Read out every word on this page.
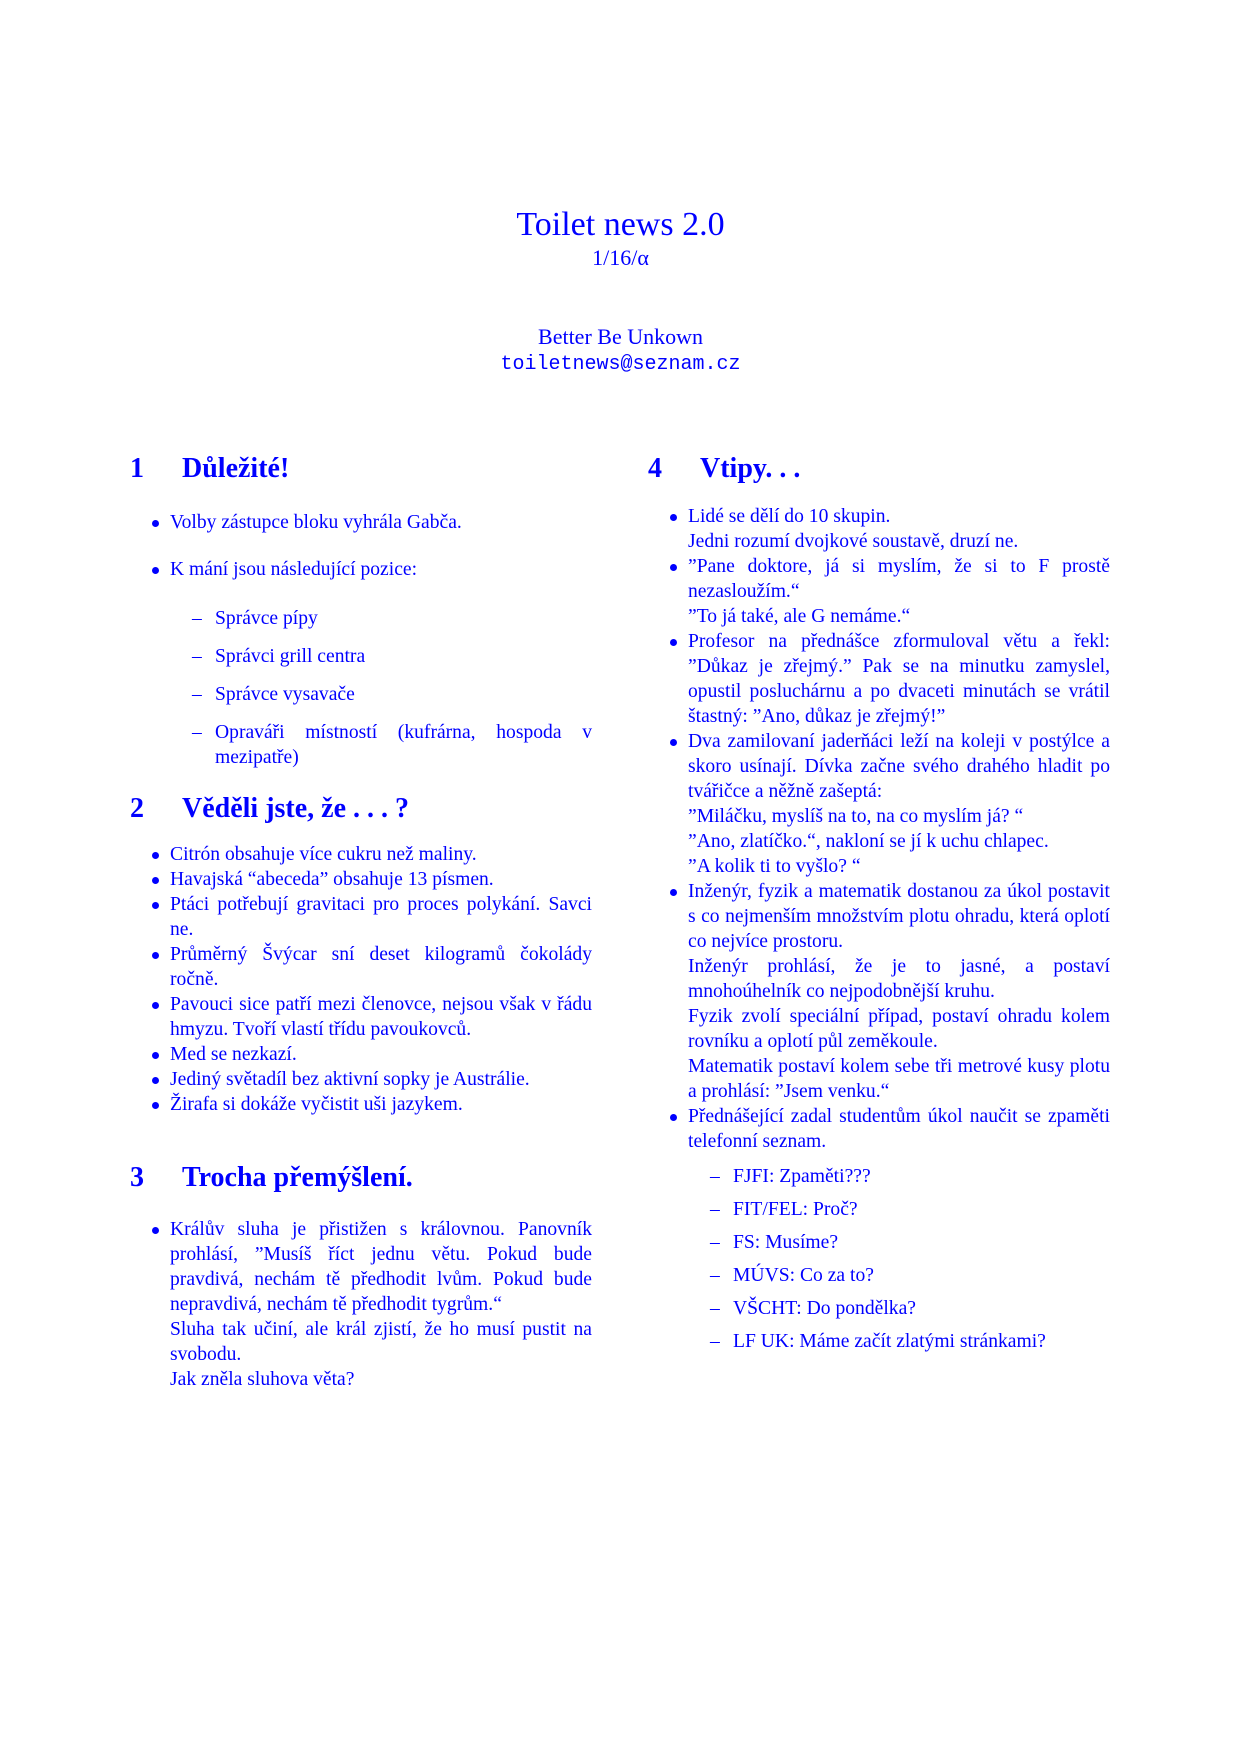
Toilet news 2.0
1/16/α
Better Be Unkown
toiletnews@seznam.cz
1	Důležité!
Volby zástupce bloku vyhrála Gabča.
K mání jsou následující pozice:
– Správce pípy
– Správci grill centra
– Správce vysavače
– Opraváři místností (kufrárna, hospoda v mezipatře)
2	Věděli jste, že . . . ?
Citrón obsahuje více cukru než maliny.
Havajská “abeceda” obsahuje 13 písmen.
Ptáci potřebují gravitaci pro proces polykání. Savci ne.
Průměrný Švýcar sní deset kilogramů čokolády ročně.
Pavouci sice patří mezi členovce, nejsou však v řádu hmyzu. Tvoří vlastí třídu pavoukovců.
Med se nezkazí.
Jediný světadíl bez aktivní sopky je Austrálie.
Žirafa si dokáže vyčistit uši jazykem.
3	Trocha přemýšlení.
Králův sluha je přistižen s královnou. Panovník prohlásí, ”Musíš říct jednu větu. Pokud bude pravdivá, nechám tě předhodit lvům. Pokud bude nepravdivá, nechám tě předhodit tygrům.“
Sluha tak učiní, ale král zjistí, že ho musí pustit na svobodu.
Jak zněla sluhova věta?
4	Vtipy. . .
Lidé se dělí do 10 skupin.
Jedni rozumí dvojkové soustavě, druzí ne.
”Pane doktore, já si myslím, že si to F prostě nezasloužím.“
”To já také, ale G nemáme.“
Profesor na přednášce zformuloval větu a řekl: ”Důkaz je zřejmý.” Pak se na minutku zamyslel, opustil posluchárnu a po dvaceti minutách se vrátil štastný: ”Ano, důkaz je zřejmý!”
Dva zamilovaní jaderňáci leží na koleji v postýlce a skoro usínají. Dívka začne svého drahého hladit po tvářičce a něžně zašeptá:
”Miláčku, myslíš na to, na co myslím já? “
”Ano, zlatíčko.“, nakloní se jí k uchu chlapec.
”A kolik ti to vyšlo? “
Inženýr, fyzik a matematik dostanou za úkol postavit s co nejmenším množstvím plotu ohradu, která oplotí co nejvíce prostoru.
Inženýr prohlásí, že je to jasné, a postaví mnohoúhelník co nejpodobnější kruhu.
Fyzik zvolí speciální případ, postaví ohradu kolem rovníku a oplotí půl zeměkoule.
Matematik postaví kolem sebe tři metrové kusy plotu a prohlásí: ”Jsem venku.“
Přednášející zadal studentům úkol naučit se zpaměti telefonní seznam.
– FJFI: Zpaměti???
– FIT/FEL: Proč?
– FS: Musíme?
– MÚVS: Co za to?
– VŠCHT: Do pondělka?
– LF UK: Máme začít zlatými stránkami?
